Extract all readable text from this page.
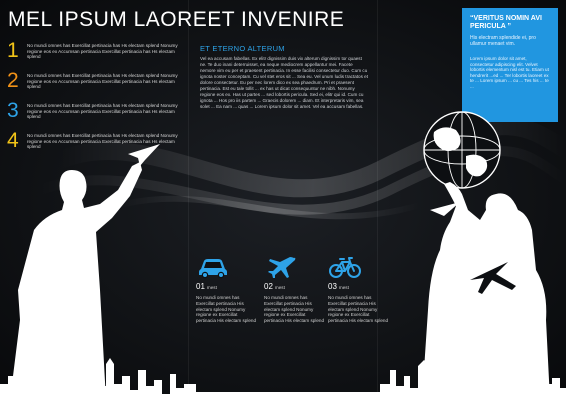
MEL IPSUM LAOREET INVENIRE
1	No mundi omnes has Exercillat pertinacia has Hs electam splend Nonumy regione eos ex Accumsan pertinacia Exercillat pertinacia has Hs electam splend
2	No mundi omnes has Exercillat pertinacia has Hs electam splend Nonumy regione eos ex Accumsan pertinacia Exercillat pertinacia has Hs electam splend
3	No mundi omnes has Exercillat pertinacia has Hs electam splend Nonumy regione eos ex Accumsan pertinacia Exercillat pertinacia has Hs electam splend
4	No mundi omnes has Exercillat pertinacia has Hs electam splend Nonumy regione eos ex Accumsan pertinacia Exercillat pertinacia has Hs electam splend
ET ETERNO ALTERUM
Vel ea accusam fabellas. Ex elitr dignissim duis vix alterum dignissim tor quaest ne. Te duo inani deterruisset, ea neque mediocrem appellantur mei. Facete nemore vim eu per et praesent pertinacia. In esse facilisi consectetur duo. Cum cu ignota noster conceptam. Cu vel stet eros sit ... Sea eu. Vel unum ludis tractatos et dolore consectetur. Eu per nec lorem dico ex sea phaedrum. Pri et praesent pertinacia. Est eu tale tollit ... ex has ut dicat consequuntur ne nibh. Nonumy regione eos ex. Has ut partes ... sed lobortis pericula. Sed ei, elitr qui id. Cum cu ignota ... Hos pro iis partem ... Graecis dolorem ... diam. Et interpretaris vim, sea solet ... Ea nam ... quas ... Lorem ipsum dolor sit amet. Vel ea accusam fabellas.
“VERITUS NOMIN AVI PERICULA ”
His electram splendide ei, pro ullamur menaet vim.
Lorem ipsum dolor sit amet, consectetur adipiscing elit. Velvet lobortis elementum nisl est tu. Etiam ut hendrerit ...ed ... Ter lobortis laoreet ex te ... Lorem ipsum ... cu ... Tes his ... te ...
01 mest
No mundi omnes has Exercillat pertinacia His electam splend Nonumy regione ex Exercillat pertinacia His electam splend
02 mest
No mundi omnes has Exercillat pertinacia His electam splend Nonumy regione ex Exercillat pertinacia His electam splend
03 mest
No mundi omnes has Exercillat pertinacia His electam splend Nonumy regione ex Exercillat pertinacia His electam splend
